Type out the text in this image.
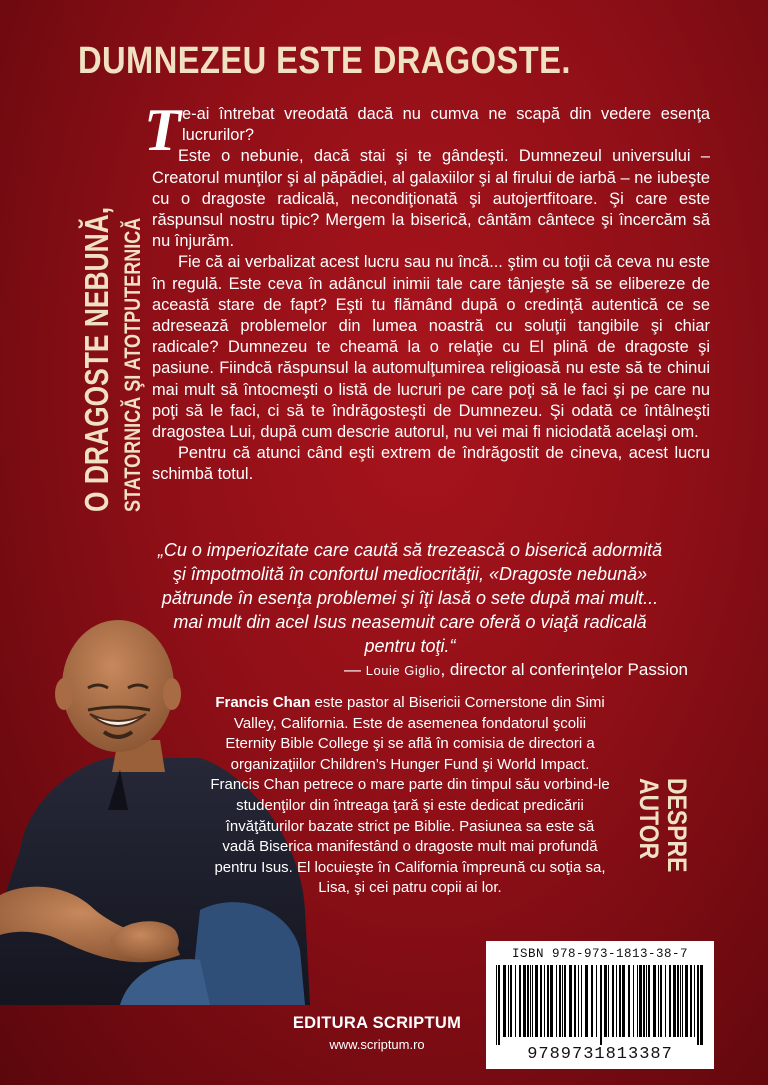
DUMNEZEU ESTE DRAGOSTE.
O DRAGOSTE NEBUNĂ, STATORNICĂ ŞI ATOTPUTERNICĂ
T e-ai întrebat vreodată dacă nu cumva ne scapă din vedere esenţa lucrurilor?

Este o nebunie, dacă stai şi te gândeşti. Dumnezeul universului – Creatorul munţilor şi al păpădiei, al galaxiilor şi al firului de iarbă – ne iubeşte cu o dragoste radicală, necondiţionată şi autojertfitoare. Şi care este răspunsul nostru tipic? Mergem la biserică, cântăm cântece şi încercăm să nu înjurăm.

Fie că ai verbalizat acest lucru sau nu încă... ştim cu toţii că ceva nu este în regulă. Este ceva în adâncul inimii tale care tânjeşte să se elibereze de această stare de fapt? Eşti tu flămând după o credinţă autentică ce se adresează problemelor din lumea noastră cu soluţii tangibile şi chiar radicale? Dumnezeu te cheamă la o relaţie cu El plină de dragoste şi pasiune. Fiindcă răspunsul la automulţumirea religioasă nu este să te chinui mai mult să întocmeşti o listă de lucruri pe care poţi să le faci şi pe care nu poţi să le faci, ci să te îndrăgosteşti de Dumnezeu. Şi odată ce întâlneşti dragostea Lui, după cum descrie autorul, nu vei mai fi niciodată acelaşi om.

Pentru că atunci când eşti extrem de îndrăgostit de cineva, acest lucru schimbă totul.

„Cu o imperiozitate care caută să trezească o biserică adormită şi împotmolită în confortul mediocrităţii, «Dragoste nebună» pătrunde în esenţa problemei şi îţi lasă o sete după mai mult... mai mult din acel Isus neasemuit care oferă o viaţă radicală pentru toţi.“
— Louie Giglio, director al conferinţelor Passion
Francis Chan este pastor al Bisericii Cornerstone din Simi Valley, California. Este de asemenea fondatorul şcolii Eternity Bible College şi se află în comisia de directori a organizaţiilor Children’s Hunger Fund şi World Impact. Francis Chan petrece o mare parte din timpul său vorbind-le studenţilor din întreaga ţară şi este dedicat predicării învăţăturilor bazate strict pe Biblie. Pasiunea sa este să vadă Biserica manifestând o dragoste mult mai profundă pentru Isus. El locuieşte în California împreună cu soţia sa, Lisa, şi cei patru copii ai lor.
DESPRE
AUTOR
EDITURA SCRIPTUM
www.scriptum.ro
ISBN 978-973-1813-38-7
9789731813387
